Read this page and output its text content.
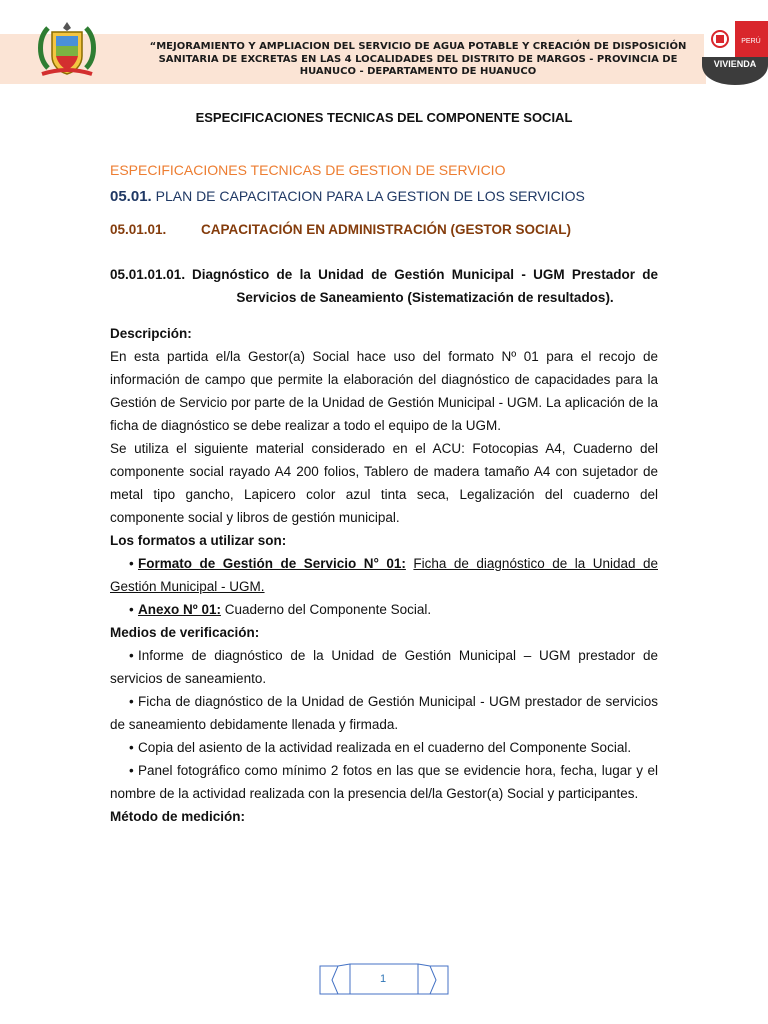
“MEJORAMIENTO Y AMPLIACION DEL SERVICIO DE AGUA POTABLE Y CREACIÓN DE DISPOSICIÓN SANITARIA DE EXCRETAS EN LAS 4 LOCALIDADES DEL DISTRITO DE MARGOS - PROVINCIA DE HUANUCO - DEPARTAMENTO DE HUANUCO
PERÚ
VIVIENDA
ESPECIFICACIONES TECNICAS DEL COMPONENTE SOCIAL
ESPECIFICACIONES TECNICAS DE GESTION DE SERVICIO
05.01. PLAN DE CAPACITACION PARA LA GESTION DE LOS SERVICIOS
05.01.01.	CAPACITACIÓN EN ADMINISTRACIÓN (GESTOR SOCIAL)
05.01.01.01. Diagnóstico de la Unidad de Gestión Municipal - UGM Prestador de Servicios de Saneamiento (Sistematización de resultados).

Descripción:

En esta partida el/la Gestor(a) Social hace uso del formato Nº 01 para el recojo de información de campo que permite la elaboración del diagnóstico de capacidades para la Gestión de Servicio por parte de la Unidad de Gestión Municipal - UGM. La aplicación de la ficha de diagnóstico se debe realizar a todo el equipo de la UGM.

Se utiliza el siguiente material considerado en el ACU: Fotocopias A4, Cuaderno del componente social rayado A4 200 folios, Tablero de madera tamaño A4 con sujetador de metal tipo gancho, Lapicero color azul tinta seca, Legalización del cuaderno del componente social y libros de gestión municipal.

Los formatos a utilizar son:

• Formato de Gestión de Servicio N° 01: Ficha de diagnóstico de la Unidad de Gestión Municipal - UGM.
• Anexo Nº 01: Cuaderno del Componente Social.

Medios de verificación:

• Informe de diagnóstico de la Unidad de Gestión Municipal – UGM prestador de servicios de saneamiento.
• Ficha de diagnóstico de la Unidad de Gestión Municipal - UGM prestador de servicios de saneamiento debidamente llenada y firmada.
• Copia del asiento de la actividad realizada en el cuaderno del Componente Social.
• Panel fotográfico como mínimo 2 fotos en las que se evidencie hora, fecha, lugar y el nombre de la actividad realizada con la presencia del/la Gestor(a) Social y participantes.

Método de medición:

1
